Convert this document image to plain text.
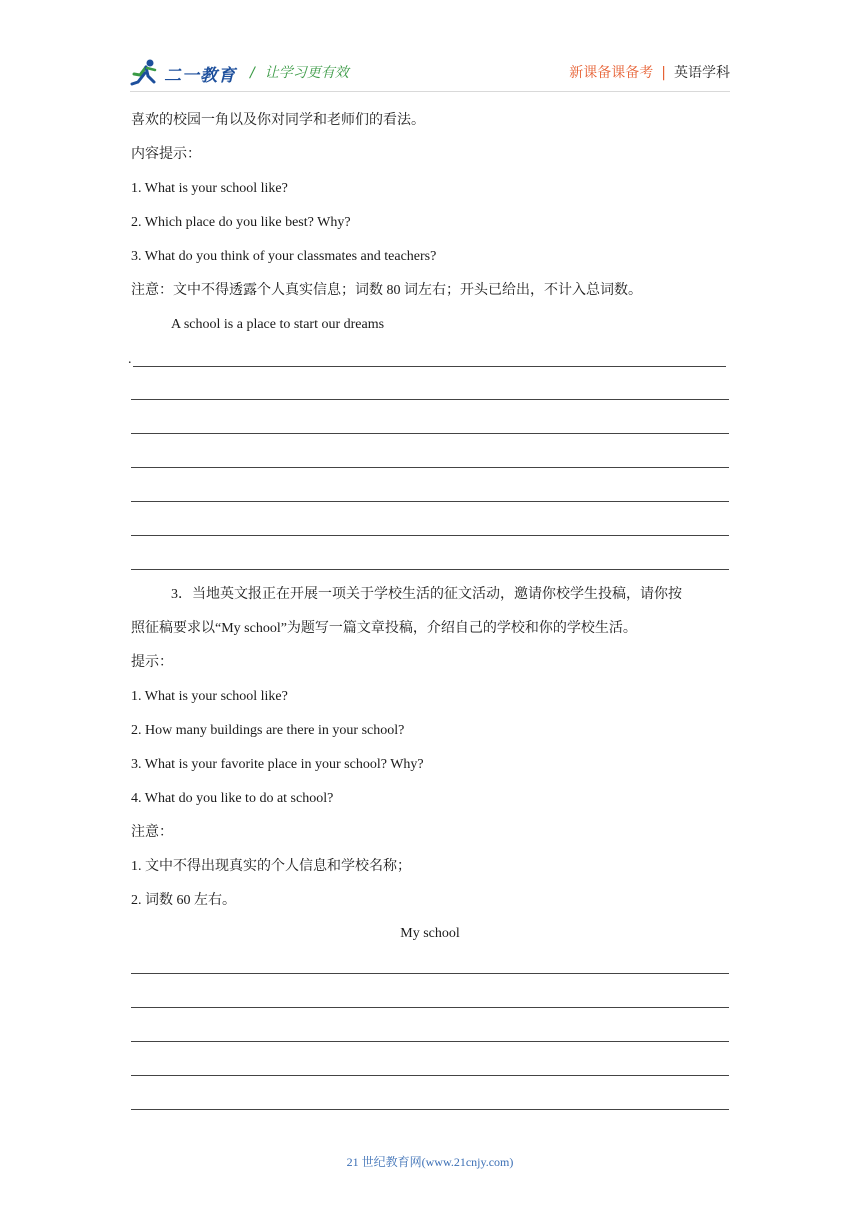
二一教育 / 让学习更有效	新课备课备考 | 英语学科
喜欢的校园一角以及你对同学和老师们的看法。
内容提示：
1. What is your school like?
2. Which place do you like best? Why?
3. What do you think of your classmates and teachers?
注意：文中不得透露个人真实信息；词数 80 词左右；开头已给出，不计入总词数。
A school is a place to start our dreams
.
3．当地英文报正在开展一项关于学校生活的征文活动，邀请你校学生投稿，请你按
照征稿要求以“My school”为题写一篇文章投稿，介绍自己的学校和你的学校生活。
提示：
1. What is your school like?
2. How many buildings are there in your school?
3. What is your favorite place in your school? Why?
4. What do you like to do at school?
注意：
1. 文中不得出现真实的个人信息和学校名称；
2. 词数 60 左右。
My school
21 世纪教育网(www.21cnjy.com)
